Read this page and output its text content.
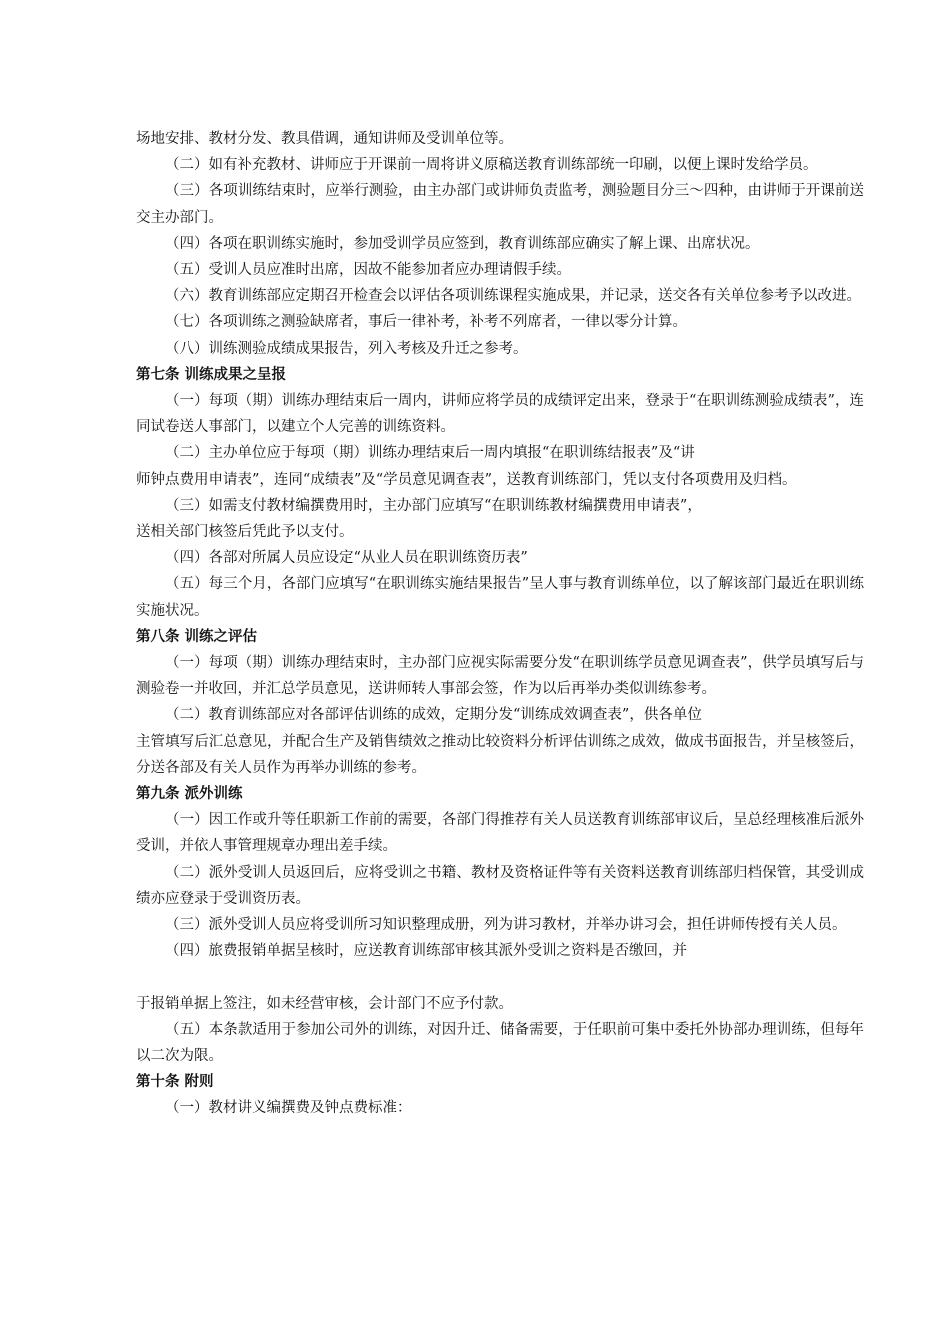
场地安排、教材分发、教具借调，通知讲师及受训单位等。

（二）如有补充教材、讲师应于开课前一周将讲义原稿送教育训练部统一印刷，以便上课时发给学员。

（三）各项训练结束时，应举行测验，由主办部门或讲师负责监考，测验题目分三～四种，由讲师于开课前送交主办部门。

（四）各项在职训练实施时，参加受训学员应签到，教育训练部应确实了解上课、出席状况。

（五）受训人员应准时出席，因故不能参加者应办理请假手续。

（六）教育训练部应定期召开检查会以评估各项训练课程实施成果，并记录，送交各有关单位参考予以改进。

（七）各项训练之测验缺席者，事后一律补考，补考不列席者，一律以零分计算。

（八）训练测验成绩成果报告，列入考核及升迁之参考。

第七条 训练成果之呈报

（一）每项（期）训练办理结束后一周内，讲师应将学员的成绩评定出来，登录于“在职训练测验成绩表”，连同试卷送人事部门，以建立个人完善的训练资料。

（二）主办单位应于每项（期）训练办理结束后一周内填报“在职训练结报表”及“讲

师钟点费用申请表”，连同“成绩表”及“学员意见调查表”，送教育训练部门，凭以支付各项费用及归档。

（三）如需支付教材编撰费用时，主办部门应填写“在职训练教材编撰费用申请表”，

送相关部门核签后凭此予以支付。

（四）各部对所属人员应设定“从业人员在职训练资历表”

（五）每三个月，各部门应填写“在职训练实施结果报告”呈人事与教育训练单位，以了解该部门最近在职训练实施状况。

第八条 训练之评估

（一）每项（期）训练办理结束时，主办部门应视实际需要分发“在职训练学员意见调查表”，供学员填写后与测验卷一并收回，并汇总学员意见，送讲师转人事部会签，作为以后再举办类似训练参考。

（二）教育训练部应对各部评估训练的成效，定期分发“训练成效调查表”，供各单位

主管填写后汇总意见，并配合生产及销售绩效之推动比较资料分析评估训练之成效，做成书面报告，并呈核签后，分送各部及有关人员作为再举办训练的参考。

第九条 派外训练

（一）因工作或升等任职新工作前的需要，各部门得推荐有关人员送教育训练部审议后，呈总经理核准后派外受训，并依人事管理规章办理出差手续。

（二）派外受训人员返回后，应将受训之书籍、教材及资格证件等有关资料送教育训练部归档保管，其受训成绩亦应登录于受训资历表。

（三）派外受训人员应将受训所习知识整理成册，列为讲习教材，并举办讲习会，担任讲师传授有关人员。

（四）旅费报销单据呈核时，应送教育训练部审核其派外受训之资料是否缴回，并

于报销单据上签注，如未经营审核，会计部门不应予付款。

（五）本条款适用于参加公司外的训练，对因升迁、储备需要，于任职前可集中委托外协部办理训练，但每年以二次为限。

第十条 附则

（一）教材讲义编撰费及钟点费标准：
